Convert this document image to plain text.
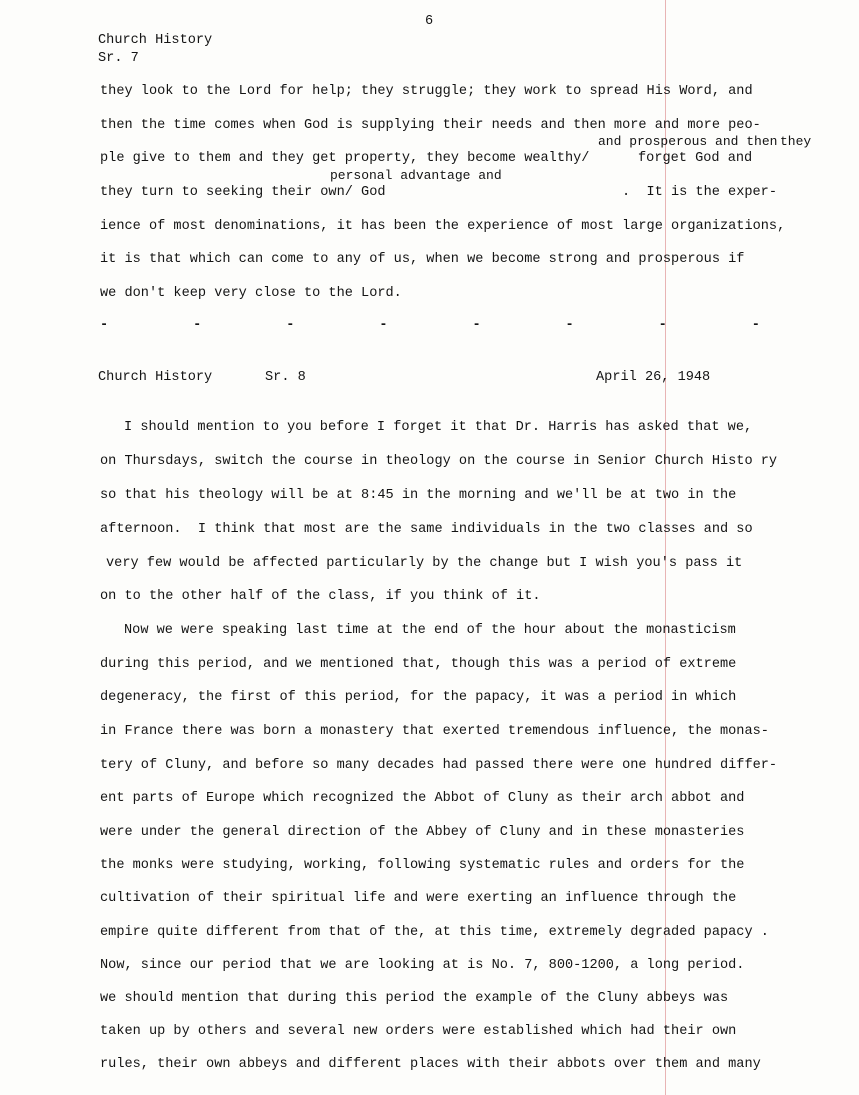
6
Church History
Sr. 7
they look to the Lord for help; they struggle; they work to spread His Word, and
then the time comes when God is supplying their needs and then more and more peo-
and prosperous and then they
ple give to them and they get property, they become wealthy/	forget God and
personal advantage and
they turn to seeking their own/ God	.  It is the exper-
ience of most denominations, it has been the experience of most large organizations,
it is that which can come to any of us, when we become strong and prosperous if
we don't keep very close to the Lord.
-	-	-	-	-	-	-	-
Church History	Sr. 8	April 26, 1948
I should mention to you before I forget it that Dr. Harris has asked that we,
on Thursdays, switch the course in theology on the course in Senior Church Histo ry
so that his theology will be at 8:45 in the morning and we'll be at two in the
afternoon.  I think that most are the same individuals in the two classes and so
very few would be affected particularly by the change but I wish you's pass it
on to the other half of the class, if you think of it.
Now we were speaking last time at the end of the hour about the monasticism
during this period, and we mentioned that, though this was a period of extreme
degeneracy, the first of this period, for the papacy, it was a period in which
in France there was born a monastery that exerted tremendous influence, the monas-
tery of Cluny, and before so many decades had passed there were one hundred differ-
ent parts of Europe which recognized the Abbot of Cluny as their arch abbot and
were under the general direction of the Abbey of Cluny and in these monasteries
the monks were studying, working, following systematic rules and orders for the
cultivation of their spiritual life and were exerting an influence through the
empire quite different from that of the, at this time, extremely degraded papacy .
Now, since our period that we are looking at is No. 7, 800-1200, a long period.
we should mention that during this period the example of the Cluny abbeys was
taken up by others and several new orders were established which had their own
rules, their own abbeys and different places with their abbots over them and many
